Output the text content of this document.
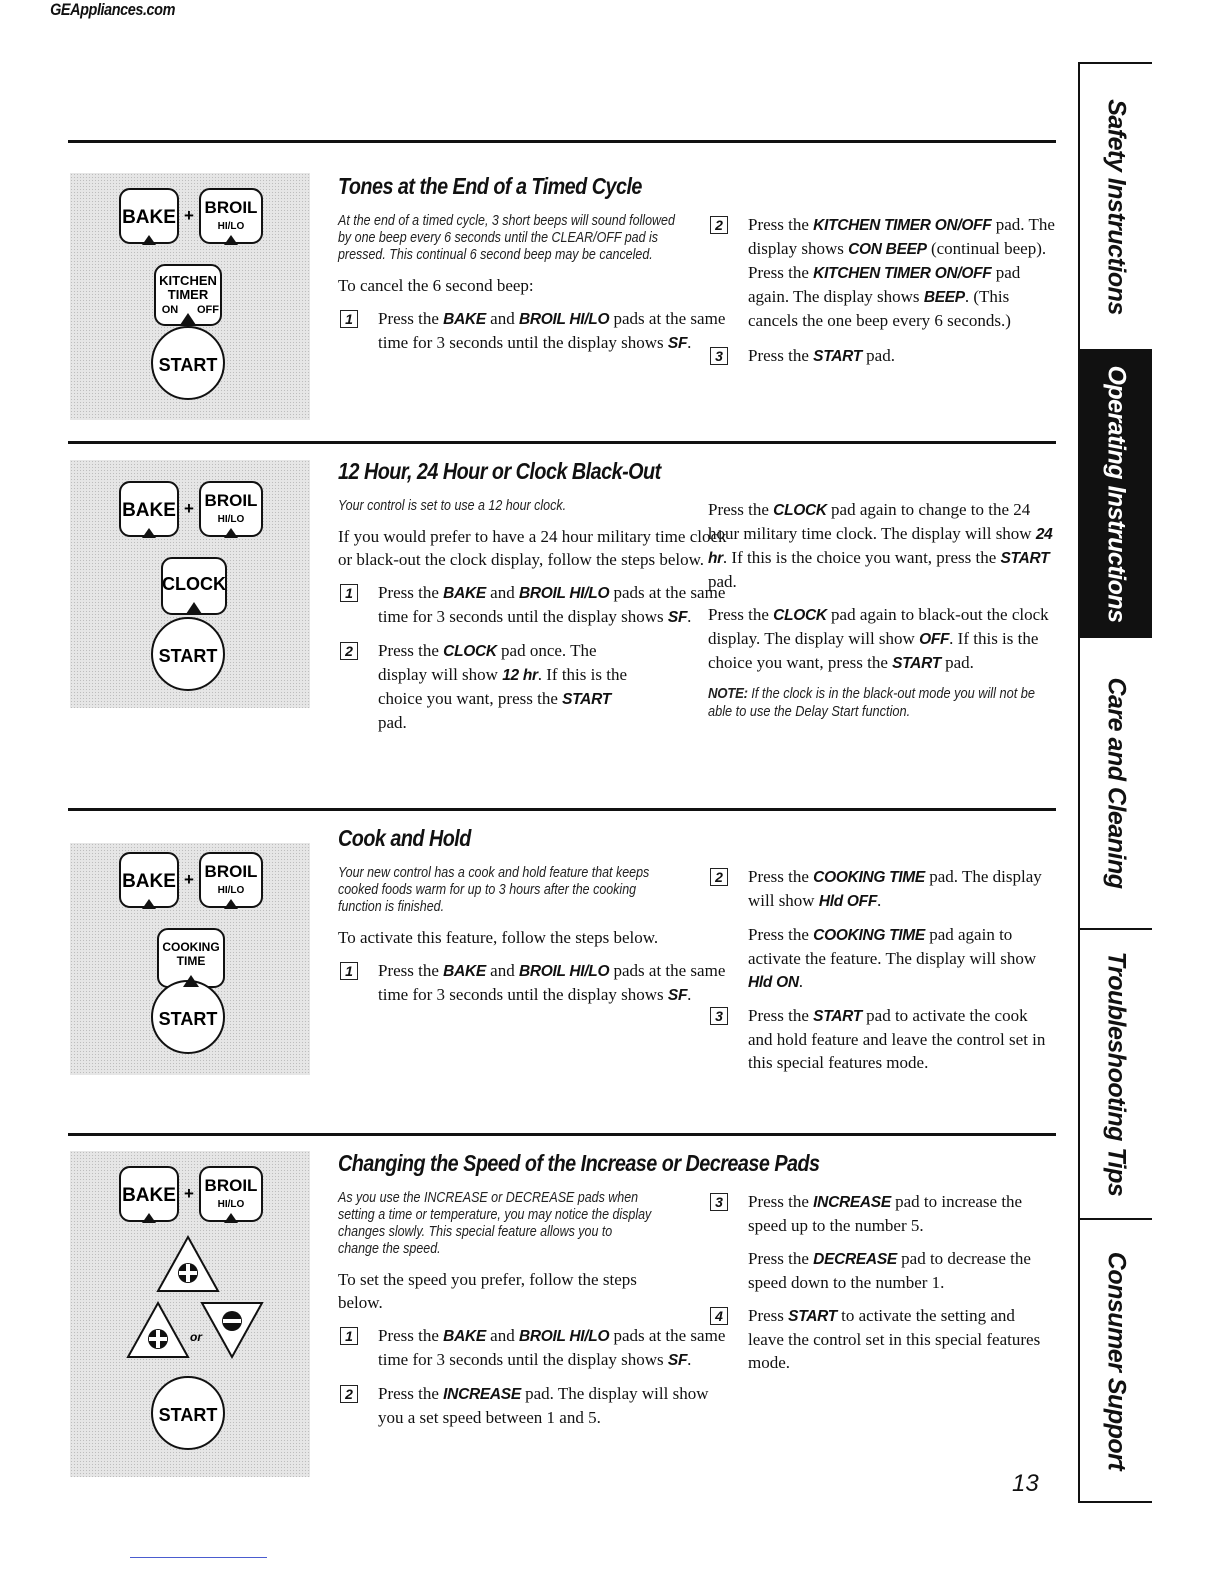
GEAppliances.com
BAKE + BROIL
HI/LO
KITCHEN
TIMER
ON OFF
START
Tones at the End of a Timed Cycle

At the end of a timed cycle, 3 short beeps will sound followed by one beep every 6 seconds until the CLEAR/OFF pad is pressed. This continual 6 second beep may be canceled.

To cancel the 6 second beep:

1	Press the BAKE and BROIL HI/LO pads at the same time for 3 seconds until the display shows SF.
2	Press the KITCHEN TIMER ON/OFF pad. The display shows CON BEEP (continual beep). Press the KITCHEN TIMER ON/OFF pad again. The display shows BEEP. (This cancels the one beep every 6 seconds.)
3	Press the START pad.
BAKE + BROIL
HI/LO
CLOCK
START
12 Hour, 24 Hour or Clock Black-Out

Your control is set to use a 12 hour clock.

If you would prefer to have a 24 hour military time clock or black-out the clock display, follow the steps below.

1	Press the BAKE and BROIL HI/LO pads at the same time for 3 seconds until the display shows SF.
2	Press the CLOCK pad once. The display will show 12 hr. If this is the choice you want, press the START pad.

Press the CLOCK pad again to change to the 24 hour military time clock. The display will show 24 hr. If this is the choice you want, press the START pad.

Press the CLOCK pad again to black-out the clock display. The display will show OFF. If this is the choice you want, press the START pad.

NOTE: If the clock is in the black-out mode you will not be able to use the Delay Start function.
BAKE + BROIL
HI/LO
COOKING
TIME
START
Cook and Hold

Your new control has a cook and hold feature that keeps cooked foods warm for up to 3 hours after the cooking function is finished.

To activate this feature, follow the steps below.

1	Press the BAKE and BROIL HI/LO pads at the same time for 3 seconds until the display shows SF.
2	Press the COOKING TIME pad. The display will show Hld OFF.
Press the COOKING TIME pad again to activate the feature. The display will show Hld ON.
3	Press the START pad to activate the cook and hold feature and leave the control set in this special features mode.
BAKE + BROIL
HI/LO
or
START
Changing the Speed of the Increase or Decrease Pads

As you use the INCREASE or DECREASE pads when setting a time or temperature, you may notice the display changes slowly. This special feature allows you to change the speed.

To set the speed you prefer, follow the steps below.

1	Press the BAKE and BROIL HI/LO pads at the same time for 3 seconds until the display shows SF.
2	Press the INCREASE pad. The display will show you a set speed between 1 and 5.
3	Press the INCREASE pad to increase the speed up to the number 5.
Press the DECREASE pad to decrease the speed down to the number 1.
4	Press START to activate the setting and leave the control set in this special features mode.
13
Safety Instructions
Operating Instructions
Care and Cleaning
Troubleshooting Tips
Consumer Support
